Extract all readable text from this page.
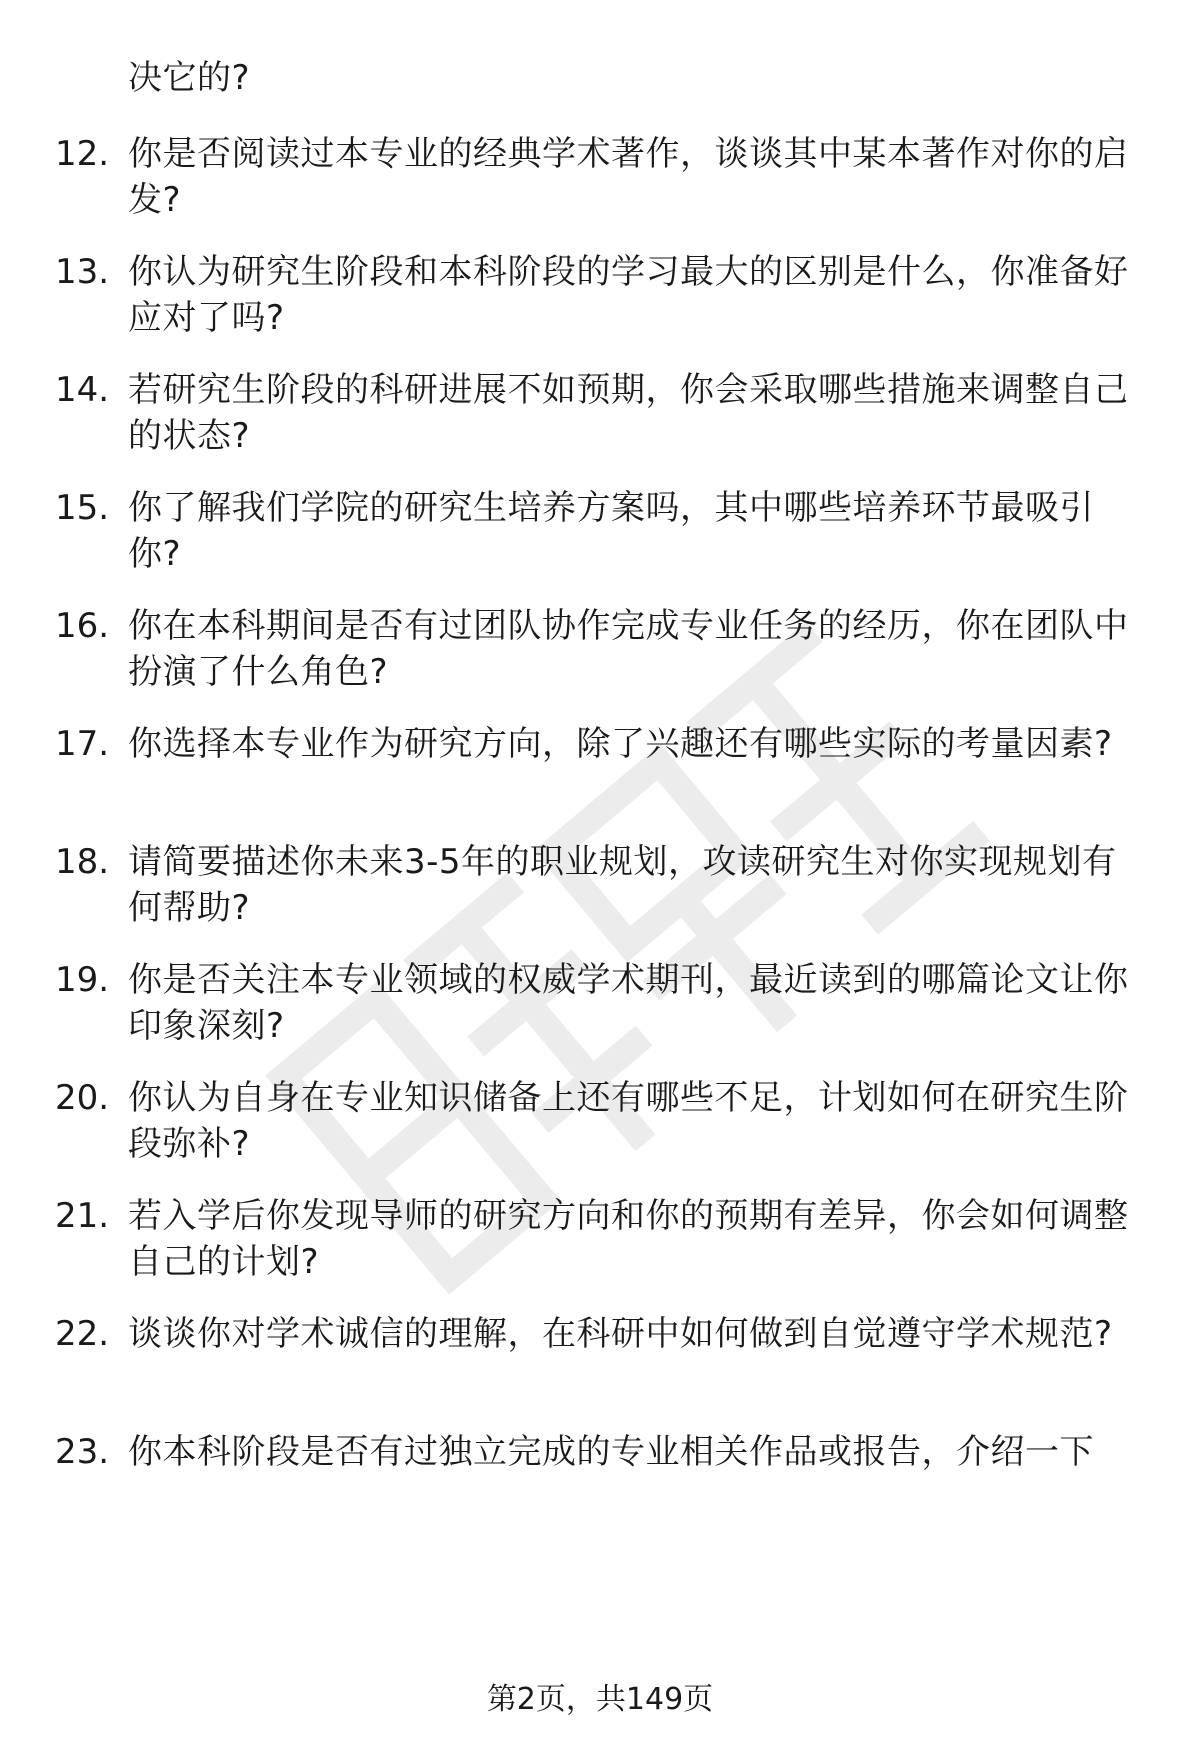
决它的?
12. 你是否阅读过本专业的经典学术著作，谈谈其中某本著作对你的启发?
13. 你认为研究生阶段和本科阶段的学习最大的区别是什么，你准备好应对了吗?
14. 若研究生阶段的科研进展不如预期，你会采取哪些措施来调整自己的状态?
15. 你了解我们学院的研究生培养方案吗，其中哪些培养环节最吸引你?
16. 你在本科期间是否有过团队协作完成专业任务的经历，你在团队中扮演了什么角色?
17. 你选择本专业作为研究方向，除了兴趣还有哪些实际的考量因素?
18. 请简要描述你未来3-5年的职业规划，攻读研究生对你实现规划有何帮助?
19. 你是否关注本专业领域的权威学术期刊，最近读到的哪篇论文让你印象深刻?
20. 你认为自身在专业知识储备上还有哪些不足，计划如何在研究生阶段弥补?
21. 若入学后你发现导师的研究方向和你的预期有差异，你会如何调整自己的计划?
22. 谈谈你对学术诚信的理解，在科研中如何做到自觉遵守学术规范?
23. 你本科阶段是否有过独立完成的专业相关作品或报告，介绍一下
第2页，共149页
